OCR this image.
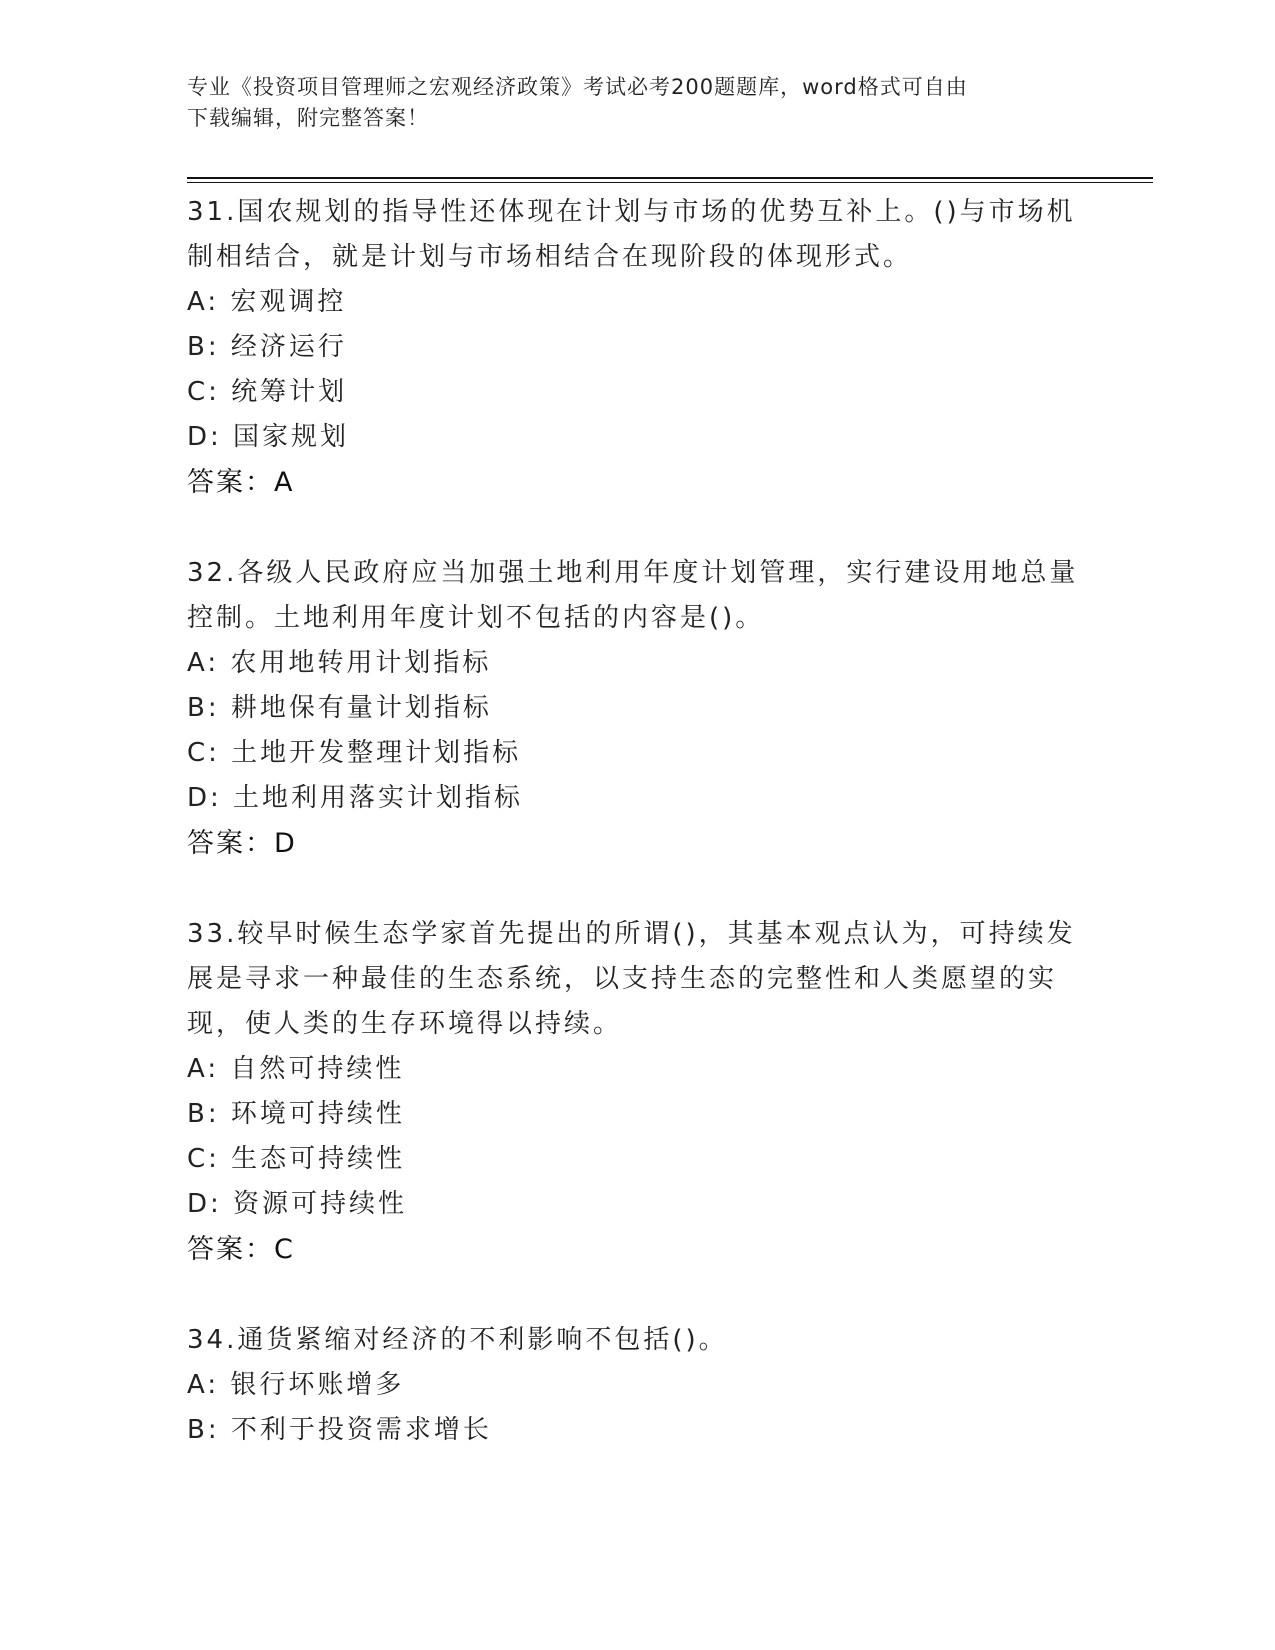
专业《投资项目管理师之宏观经济政策》考试必考200题题库，word格式可自由
下载编辑，附完整答案！

31.国农规划的指导性还体现在计划与市场的优势互补上。()与市场机制相结合，就是计划与市场相结合在现阶段的体现形式。

A: 宏观调控

B: 经济运行

C: 统筹计划

D: 国家规划

答案：A

32.各级人民政府应当加强土地利用年度计划管理，实行建设用地总量控制。土地利用年度计划不包括的内容是()。

A: 农用地转用计划指标

B: 耕地保有量计划指标

C: 土地开发整理计划指标

D: 土地利用落实计划指标

答案：D

33.较早时候生态学家首先提出的所谓()，其基本观点认为，可持续发展是寻求一种最佳的生态系统，以支持生态的完整性和人类愿望的实现，使人类的生存环境得以持续。

A: 自然可持续性

B: 环境可持续性

C: 生态可持续性

D: 资源可持续性

答案：C

34.通货紧缩对经济的不利影响不包括()。

A: 银行坏账增多

B: 不利于投资需求增长
